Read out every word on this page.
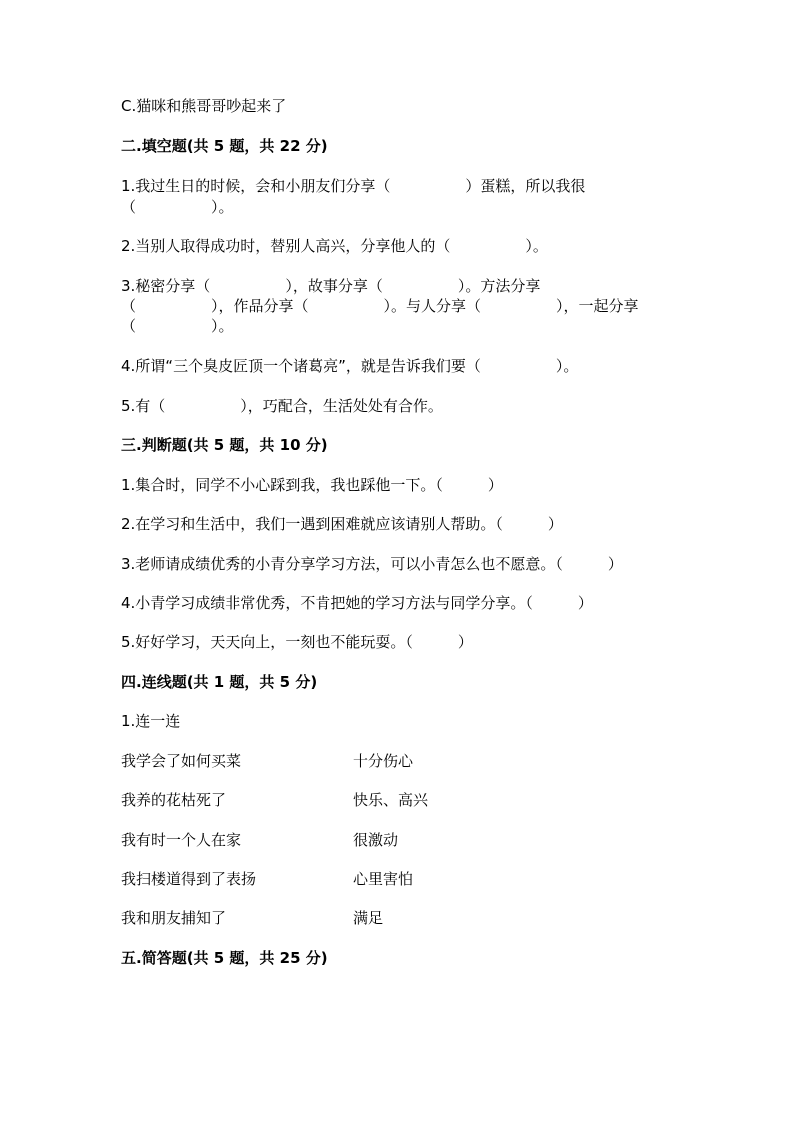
C.猫咪和熊哥哥吵起来了
二.填空题(共 5 题，共 22 分)
1.我过生日的时候，会和小朋友们分享（　　　　　）蛋糕，所以我很
（　　　　　）。
2.当别人取得成功时，替别人高兴，分享他人的（　　　　　）。
3.秘密分享（　　　　　），故事分享（　　　　　）。方法分享
（　　　　　），作品分享（　　　　　）。与人分享（　　　　　），一起分享
（　　　　　）。
4.所谓“三个臭皮匠顶一个诸葛亮”，就是告诉我们要（　　　　　）。
5.有（　　　　　），巧配合，生活处处有合作。
三.判断题(共 5 题，共 10 分)
1.集合时，同学不小心踩到我，我也踩他一下。（　　　）
2.在学习和生活中，我们一遇到困难就应该请别人帮助。（　　　）
3.老师请成绩优秀的小青分享学习方法，可以小青怎么也不愿意。（　　　）
4.小青学习成绩非常优秀，不肯把她的学习方法与同学分享。（　　　）
5.好好学习，天天向上，一刻也不能玩耍。（　　　）
四.连线题(共 1 题，共 5 分)
1.连一连
我学会了如何买菜	十分伤心
我养的花枯死了	快乐、高兴
我有时一个人在家	很激动
我扫楼道得到了表扬	心里害怕
我和朋友捕知了	满足
五.简答题(共 5 题，共 25 分)
